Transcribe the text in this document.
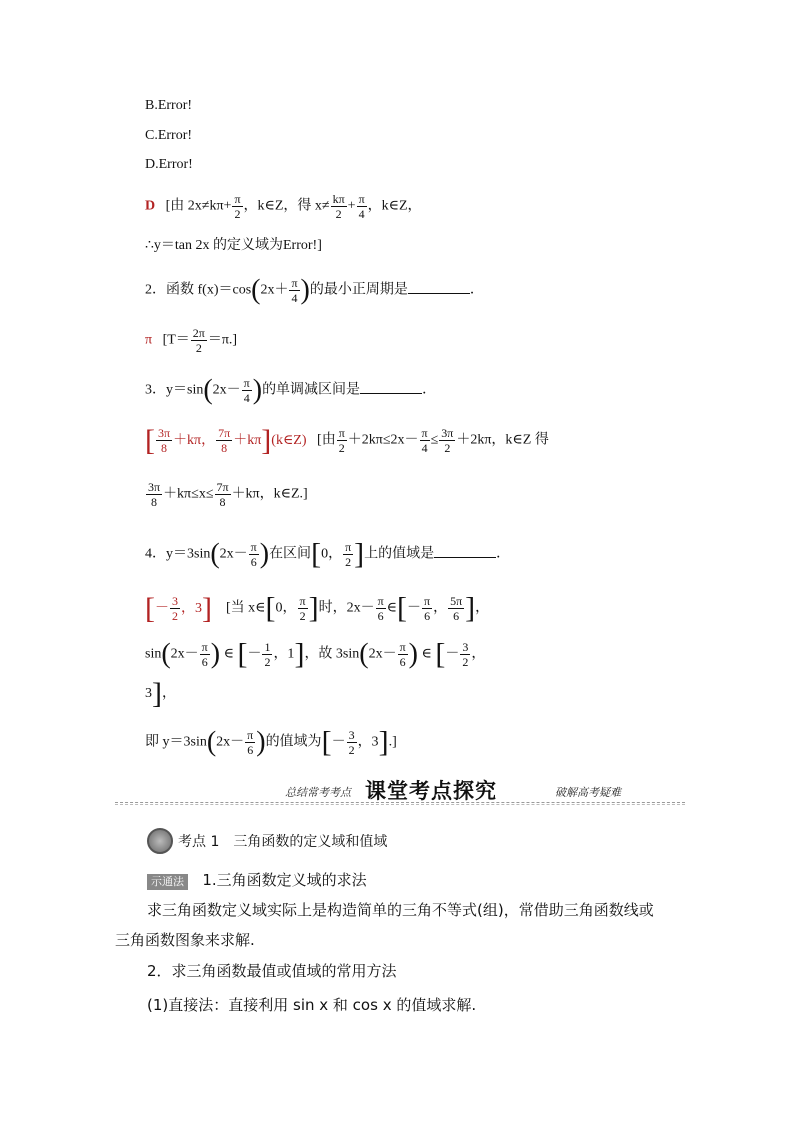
B.Error!
C.Error!
D.Error!
D [由 $2x\ne k\pi+ \frac{\pi}{2}$ ，k∈Z，得 $x\ne \frac{k\pi}{2} + \frac{\pi}{4}$ ，k∈Z，
∴y＝tan 2x 的定义域为Error!]
2．函数 $f(x)=\cos(2x+ \frac{\pi}{4}$ )的最小正周期是	．
π $[T= \frac{2\pi}{2} =\pi.]$
3．$y=\sin(2x- \frac{\pi}{4}$ )的单调减区间是	．
[ $\frac{3\pi}{8} +k\pi$， $\frac{7\pi}{8}$ ＋kπ](k∈Z) [由 $\frac{\pi}{2} +2k\pi\le 2x- \frac{\pi}{4} \le \frac{3\pi}{2} +2k\pi$，k∈Z 得
$\frac{3\pi}{8} +k\pi\le x\le \frac{7\pi}{8} +k\pi$，k∈Z.]
4．$y=3\sin(2x- \frac{\pi}{6}$ )在区间[0， $\frac{\pi}{2}$ ]上的值域是	．
[－ $\frac{3}{2}$ ，3] [当 x∈[0， $\frac{\pi}{2}$ ]时，$2x- \frac{\pi}{6}$ ∈[－ $\frac{\pi}{6}$ ， $\frac{5\pi}{6}$ ]，
$\sin(2x- \frac{\pi}{6}$ ) ∈ [－ $\frac{1}{2}$ ，1]，故 $3\sin(2x- \frac{\pi}{6}$ ) ∈ [－ $\frac{3}{2}$ ，
3]，
即 $y=3\sin(2x- \frac{\pi}{6}$ )的值域为[－ $\frac{3}{2}$ ，3].]
总结常考考点 课堂考点探究	破解高考疑难
考点 1　三角函数的定义域和值域
示通法 1.三角函数定义域的求法
求三角函数定义域实际上是构造简单的三角不等式(组)，常借助三角函数线或
三角函数图象来求解.
2．求三角函数最值或值域的常用方法
(1)直接法：直接利用 sin x 和 cos x 的值域求解.
